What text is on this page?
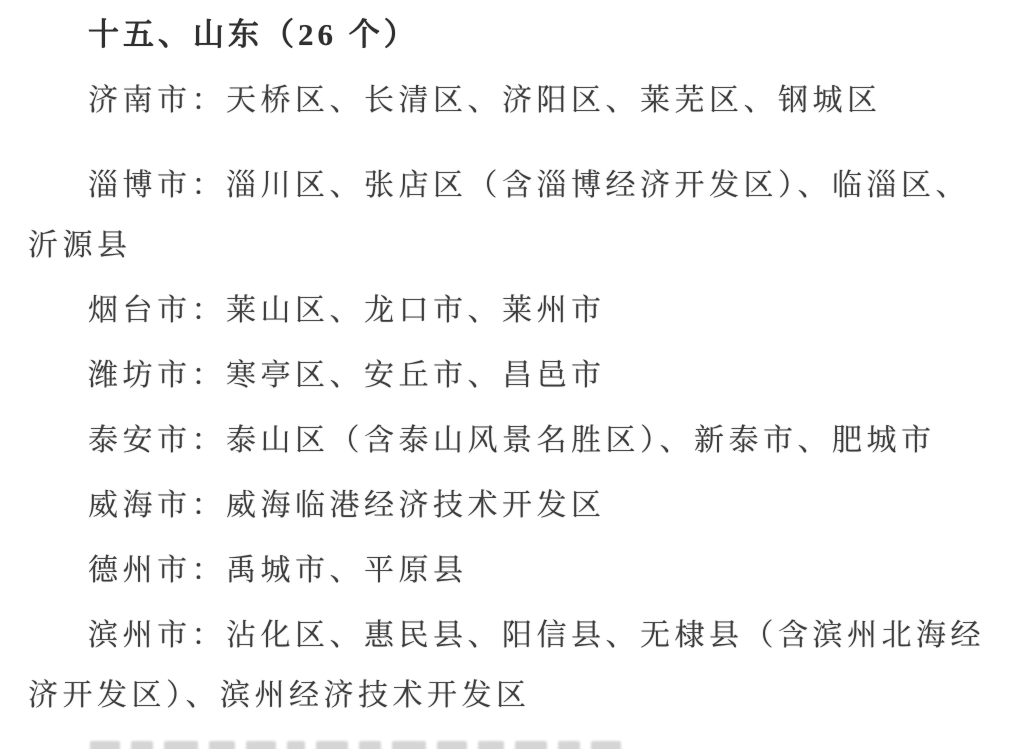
十五、山东（26 个）

济南市：天桥区、长清区、济阳区、莱芜区、钢城区

淄博市：淄川区、张店区（含淄博经济开发区）、临淄区、沂源县

烟台市：莱山区、龙口市、莱州市

潍坊市：寒亭区、安丘市、昌邑市

泰安市：泰山区（含泰山风景名胜区）、新泰市、肥城市

威海市：威海临港经济技术开发区

德州市：禹城市、平原县

滨州市：沾化区、惠民县、阳信县、无棣县（含滨州北海经济开发区）、滨州经济技术开发区
